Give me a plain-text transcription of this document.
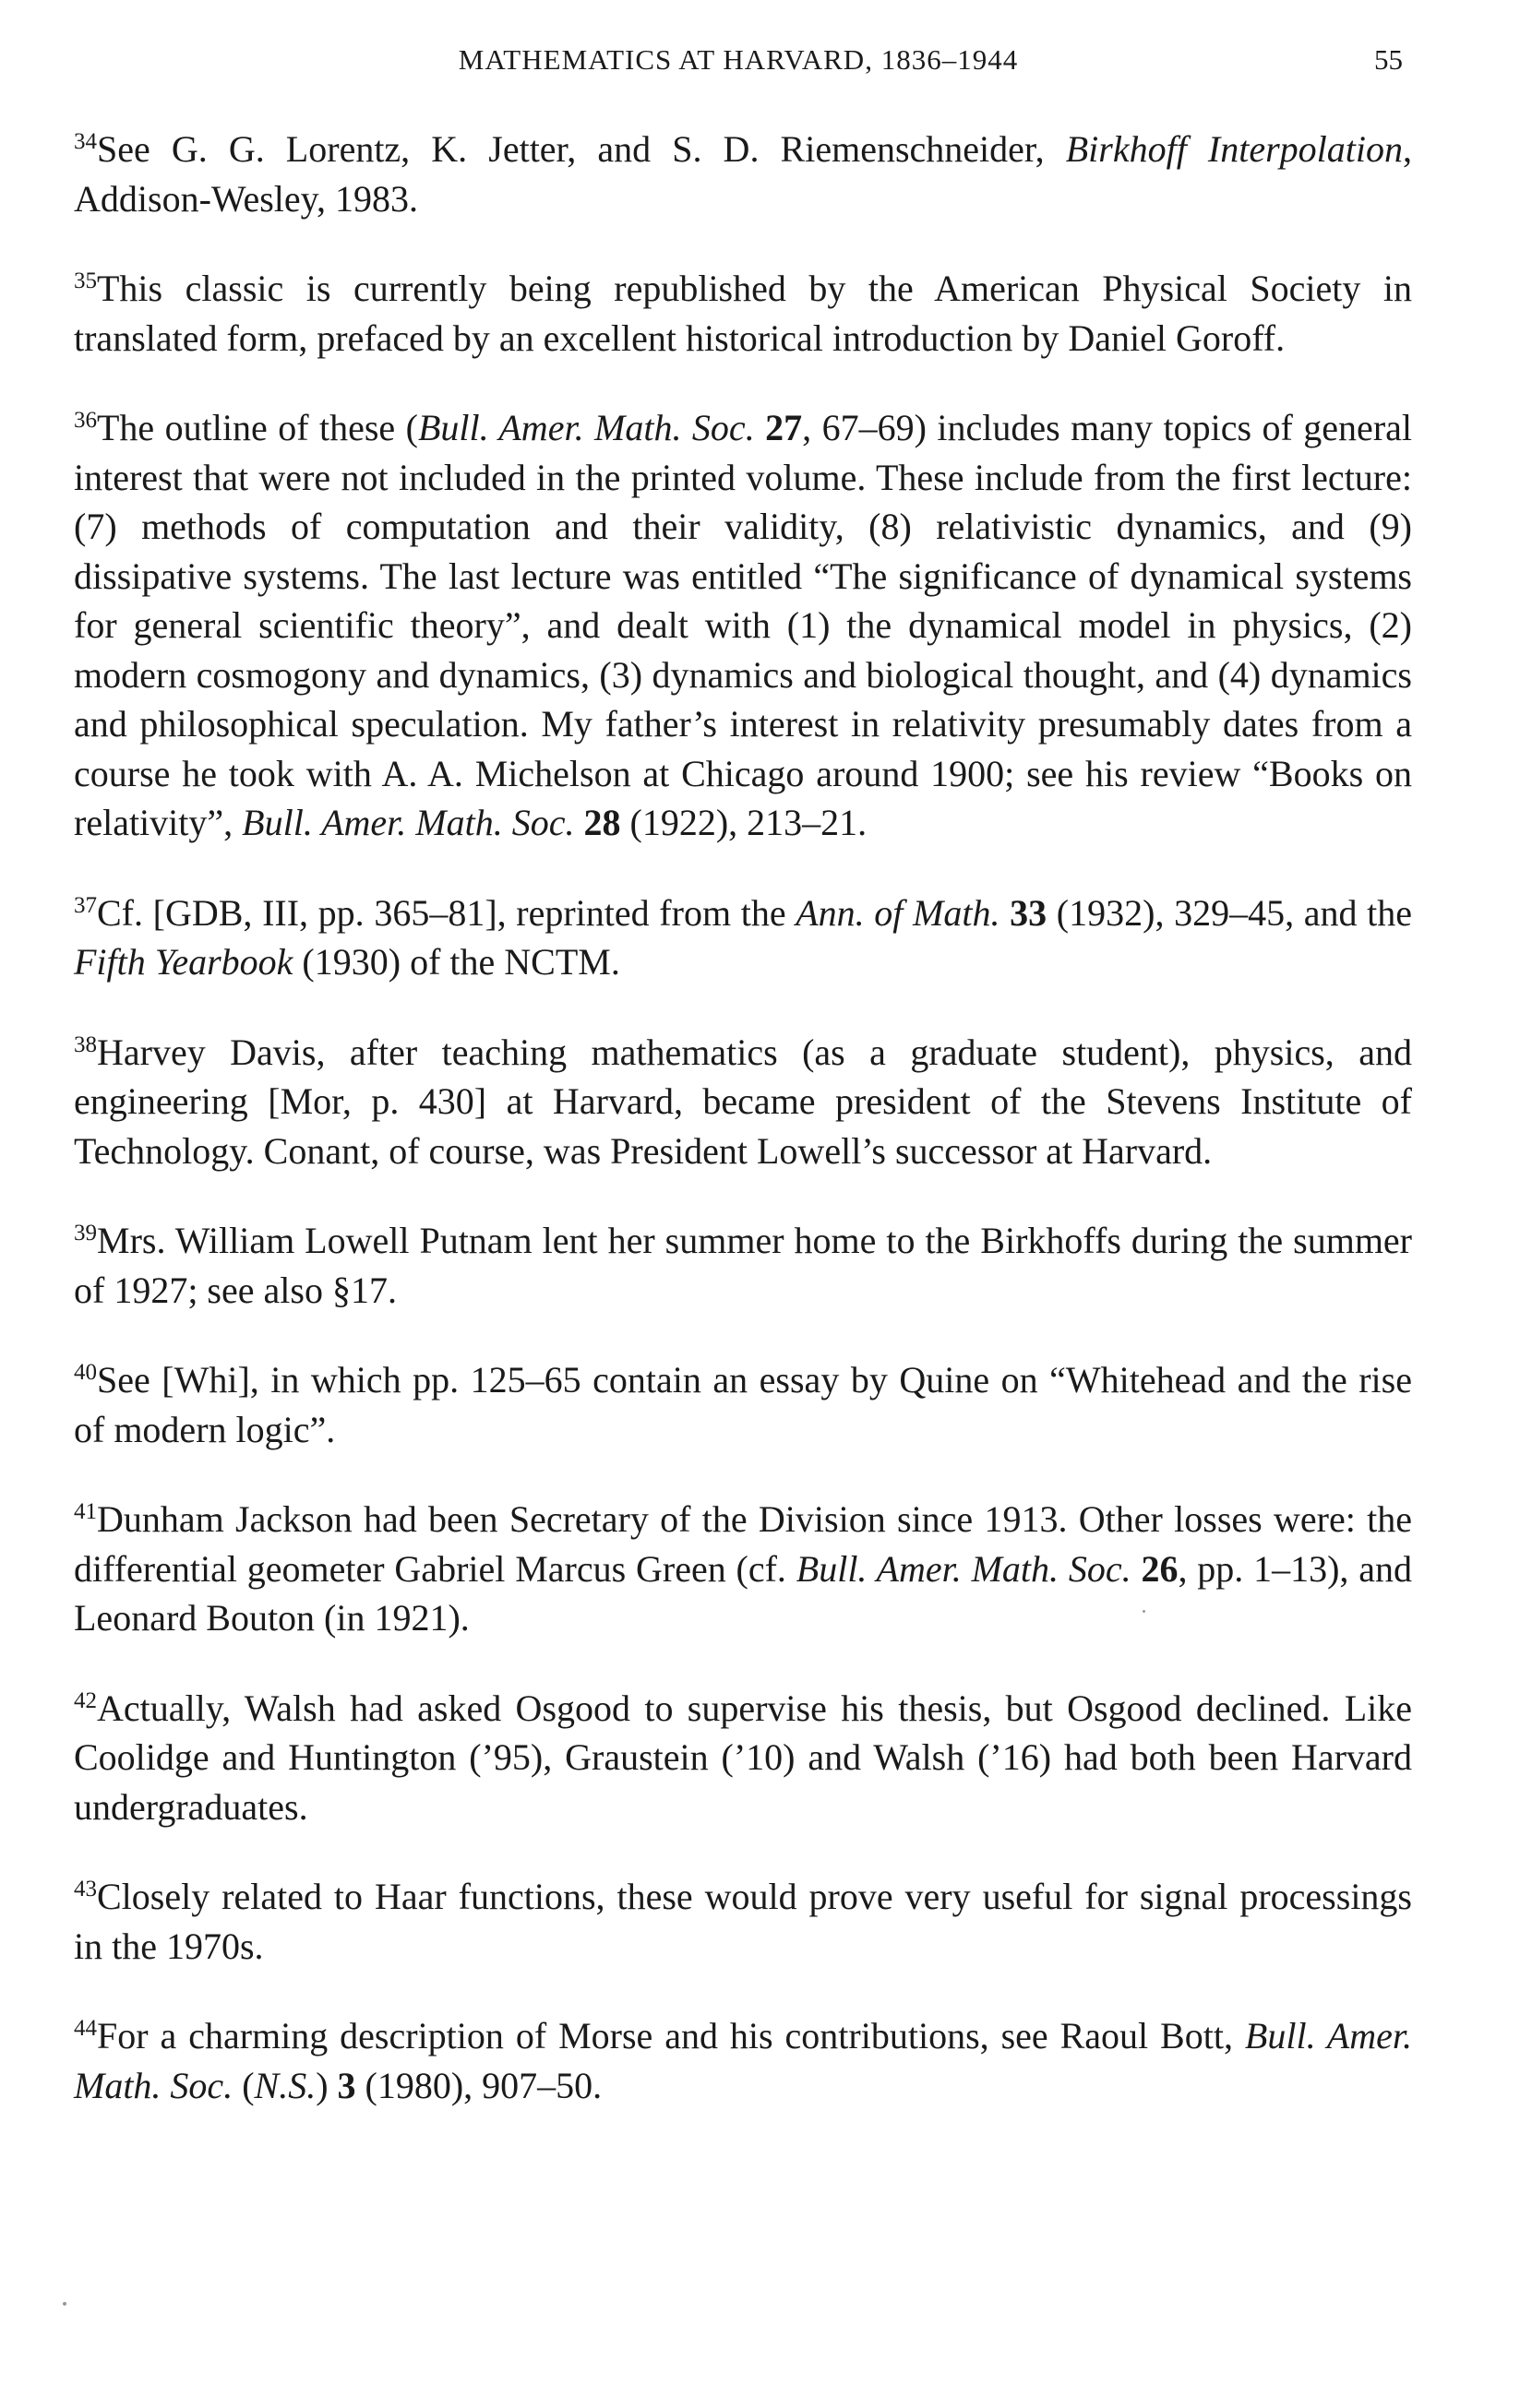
MATHEMATICS AT HARVARD, 1836–1944	55

$^{34}$See G. G. Lorentz, K. Jetter, and S. D. Riemenschneider, Birkhoff Interpolation, Addison-Wesley, 1983.

$^{35}$This classic is currently being republished by the American Physical Society in translated form, prefaced by an excellent historical introduction by Daniel Goroff.

$^{36}$The outline of these (Bull. Amer. Math. Soc. 27, 67–69) includes many topics of general interest that were not included in the printed volume. These include from the first lecture: (7) methods of computation and their validity, (8) relativistic dynamics, and (9) dissipative systems. The last lecture was entitled “The significance of dynamical systems for general scientific theory”, and dealt with (1) the dynamical model in physics, (2) modern cosmogony and dynamics, (3) dynamics and biological thought, and (4) dynamics and philosophical speculation. My father’s interest in relativity presumably dates from a course he took with A. A. Michelson at Chicago around 1900; see his review “Books on relativity”, Bull. Amer. Math. Soc. 28 (1922), 213–21.

$^{37}$Cf. [GDB, III, pp. 365–81], reprinted from the Ann. of Math. 33 (1932), 329–45, and the Fifth Yearbook (1930) of the NCTM.

$^{38}$Harvey Davis, after teaching mathematics (as a graduate student), physics, and engineering [Mor, p. 430] at Harvard, became president of the Stevens Institute of Technology. Conant, of course, was President Lowell’s successor at Harvard.

$^{39}$Mrs. William Lowell Putnam lent her summer home to the Birkhoffs during the summer of 1927; see also §17.

$^{40}$See [Whi], in which pp. 125–65 contain an essay by Quine on “Whitehead and the rise of modern logic”.

$^{41}$Dunham Jackson had been Secretary of the Division since 1913. Other losses were: the differential geometer Gabriel Marcus Green (cf. Bull. Amer. Math. Soc. 26, pp. 1–13), and Leonard Bouton (in 1921).

$^{42}$Actually, Walsh had asked Osgood to supervise his thesis, but Osgood declined. Like Coolidge and Huntington (’95), Graustein (’10) and Walsh (’16) had both been Harvard undergraduates.

$^{43}$Closely related to Haar functions, these would prove very useful for signal processings in the 1970s.

$^{44}$For a charming description of Morse and his contributions, see Raoul Bott, Bull. Amer. Math. Soc. (N.S.) 3 (1980), 907–50.
